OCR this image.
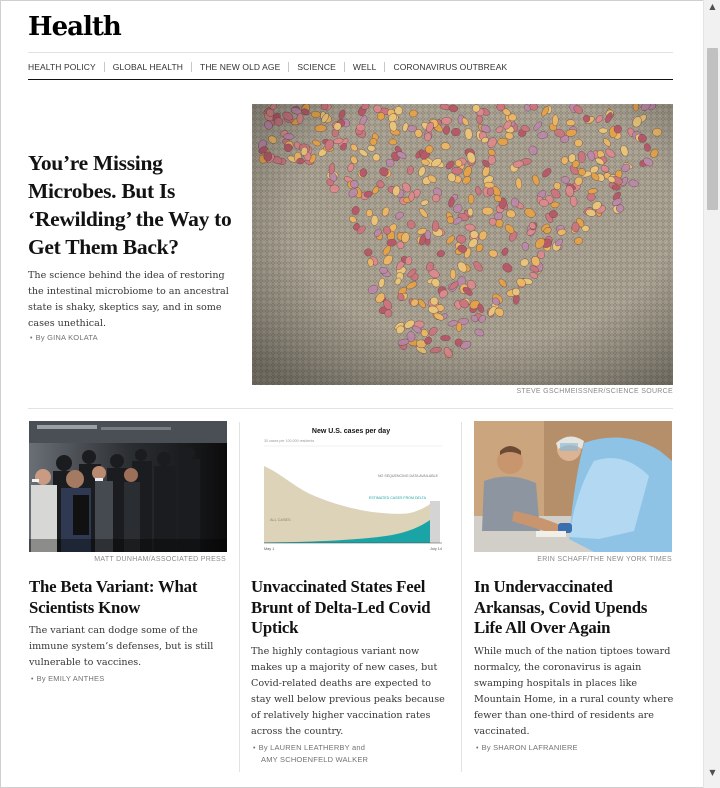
Health
HEALTH POLICY GLOBAL HEALTH THE NEW OLD AGE SCIENCE WELL CORONAVIRUS OUTBREAK
You’re Missing Microbes. But Is ‘Rewilding’ the Way to Get Them Back?

The science behind the idea of restoring the intestinal microbiome to an ancestral state is shaky, skeptics say, and in some cases unethical.

• By GINA KOLATA
STEVE GSCHMEISSNER/SCIENCE SOURCE
MATT DUNHAM/ASSOCIATED PRESS
The Beta Variant: What Scientists Know

The variant can dodge some of the immune system’s defenses, but is still vulnerable to vaccines.

• By EMILY ANTHES
New U.S. cases per day
30 cases per 100,000 residents
ALL CASES
NO SEQUENCING DATA AVAILABLE
ESTIMATED CASES FROM DELTA
May 1	July 14
Unvaccinated States Feel Brunt of Delta-Led Covid Uptick

The highly contagious variant now makes up a majority of new cases, but Covid-related deaths are expected to stay well below previous peaks because of relatively higher vaccination rates across the country.

• By LAUREN LEATHERBY and
AMY SCHOENFELD WALKER
ERIN SCHAFF/THE NEW YORK TIMES
In Undervaccinated Arkansas, Covid Upends Life All Over Again

While much of the nation tiptoes toward normalcy, the coronavirus is again swamping hospitals in places like Mountain Home, in a rural county where fewer than one-third of residents are vaccinated.

• By SHARON LAFRANIERE
▲
▼
